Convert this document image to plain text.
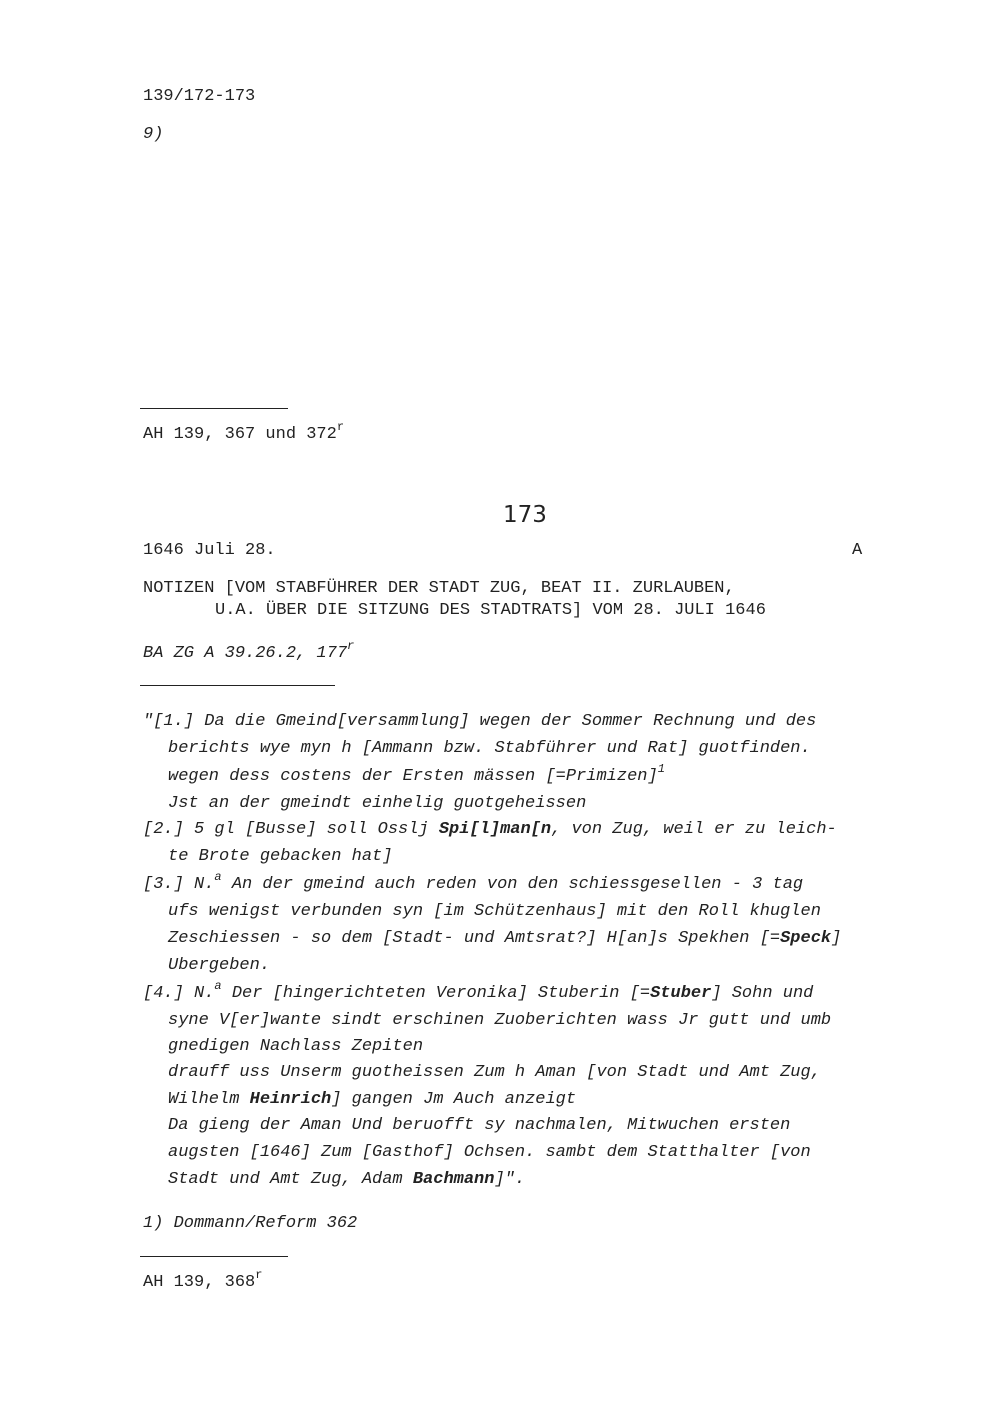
139/172-173
9)
AH 139, 367 und 372$^r$
173
1646 Juli 28.	A
NOTIZEN [VOM STABFÜHRER DER STADT ZUG, BEAT II. ZURLAUBEN,
U.A. ÜBER DIE SITZUNG DES STADTRATS] VOM 28. JULI 1646
BA ZG A 39.26.2, 177$^r$
"[1.] Da die Gmeind[versammlung] wegen der Sommer Rechnung und des
berichts wye myn h [Ammann bzw. Stabführer und Rat] guotfinden.
wegen dess costens der Ersten mässen [=Primizen]$^1$
Jst an der gmeindt einhelig guotgeheissen
[2.] 5 gl [Busse] soll Osslj Spi[l]man[n, von Zug, weil er zu leich-
te Brote gebacken hat]
[3.] N.$^a$ An der gmeind auch reden von den schiessgesellen - 3 tag
ufs wenigst verbunden syn [im Schützenhaus] mit den Roll khuglen
Zeschiessen - so dem [Stadt- und Amtsrat?] H[an]s Spekhen [=Speck]
Ubergeben.
[4.] N.$^a$ Der [hingerichteten Veronika] Stuberin [=Stuber] Sohn und
syne V[er]wante sindt erschinen Zuoberichten wass Jr gutt und umb
gnedigen Nachlass Zepiten
drauff uss Unserm guotheissen Zum h Aman [von Stadt und Amt Zug,
Wilhelm Heinrich] gangen Jm Auch anzeigt
Da gieng der Aman Und beruofft sy nachmalen, Mitwuchen ersten
augsten [1646] Zum [Gasthof] Ochsen. sambt dem Statthalter [von
Stadt und Amt Zug, Adam Bachmann]".
1) Dommann/Reform 362
AH 139, 368$^r$
